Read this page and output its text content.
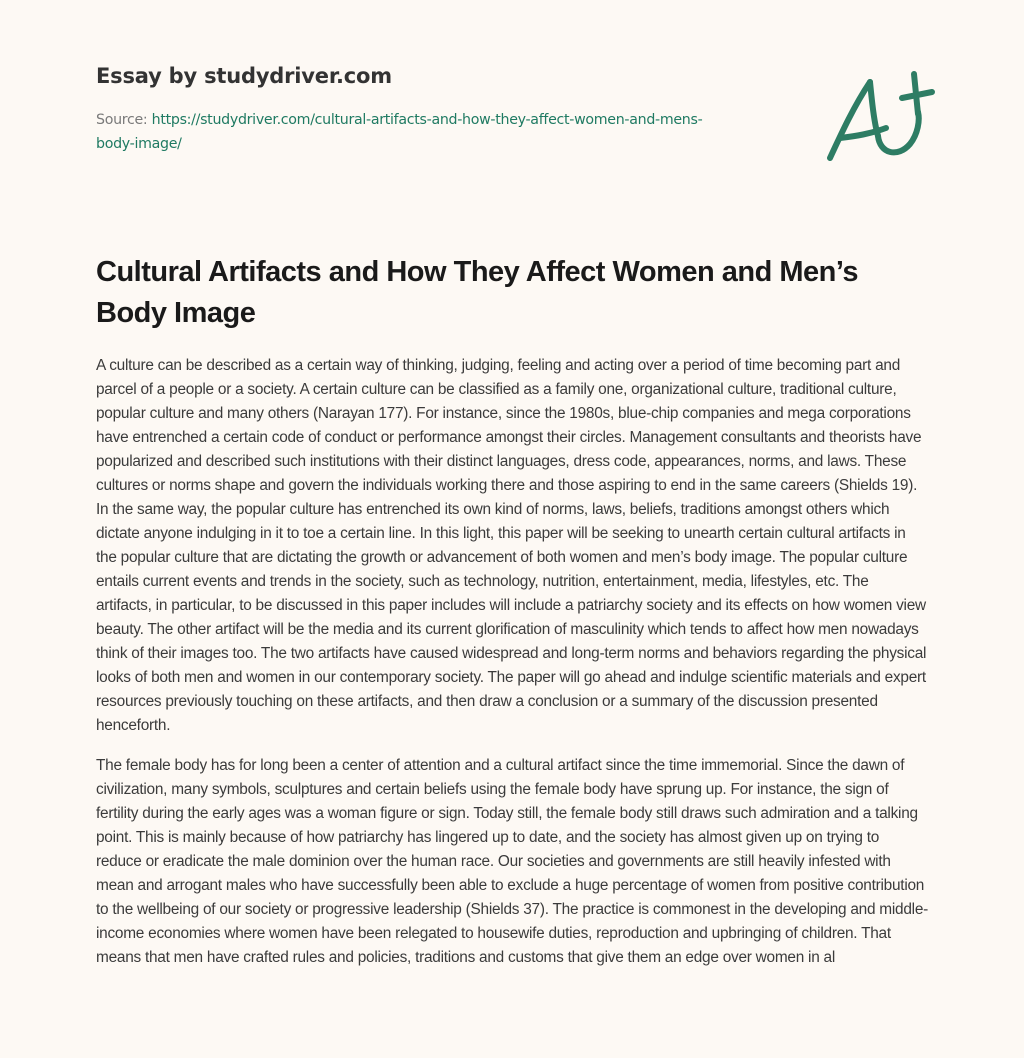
Essay by studydriver.com
Source: https://studydriver.com/cultural-artifacts-and-how-they-affect-women-and-mens-body-image/
Cultural Artifacts and How They Affect Women and Men’s Body Image

A culture can be described as a certain way of thinking, judging, feeling and acting over a period of time becoming part and parcel of a people or a society. A certain culture can be classified as a family one, organizational culture, traditional culture, popular culture and many others (Narayan 177). For instance, since the 1980s, blue-chip companies and mega corporations have entrenched a certain code of conduct or performance amongst their circles. Management consultants and theorists have popularized and described such institutions with their distinct languages, dress code, appearances, norms, and laws. These cultures or norms shape and govern the individuals working there and those aspiring to end in the same careers (Shields 19). In the same way, the popular culture has entrenched its own kind of norms, laws, beliefs, traditions amongst others which dictate anyone indulging in it to toe a certain line. In this light, this paper will be seeking to unearth certain cultural artifacts in the popular culture that are dictating the growth or advancement of both women and men’s body image. The popular culture entails current events and trends in the society, such as technology, nutrition, entertainment, media, lifestyles, etc. The artifacts, in particular, to be discussed in this paper includes will include a patriarchy society and its effects on how women view beauty. The other artifact will be the media and its current glorification of masculinity which tends to affect how men nowadays think of their images too. The two artifacts have caused widespread and long-term norms and behaviors regarding the physical looks of both men and women in our contemporary society. The paper will go ahead and indulge scientific materials and expert resources previously touching on these artifacts, and then draw a conclusion or a summary of the discussion presented henceforth.

The female body has for long been a center of attention and a cultural artifact since the time immemorial. Since the dawn of civilization, many symbols, sculptures and certain beliefs using the female body have sprung up. For instance, the sign of fertility during the early ages was a woman figure or sign. Today still, the female body still draws such admiration and a talking point. This is mainly because of how patriarchy has lingered up to date, and the society has almost given up on trying to reduce or eradicate the male dominion over the human race. Our societies and governments are still heavily infested with mean and arrogant males who have successfully been able to exclude a huge percentage of women from positive contribution to the wellbeing of our society or progressive leadership (Shields 37). The practice is commonest in the developing and middle-income economies where women have been relegated to housewife duties, reproduction and upbringing of children. That means that men have crafted rules and policies, traditions and customs that give them an edge over women in al
